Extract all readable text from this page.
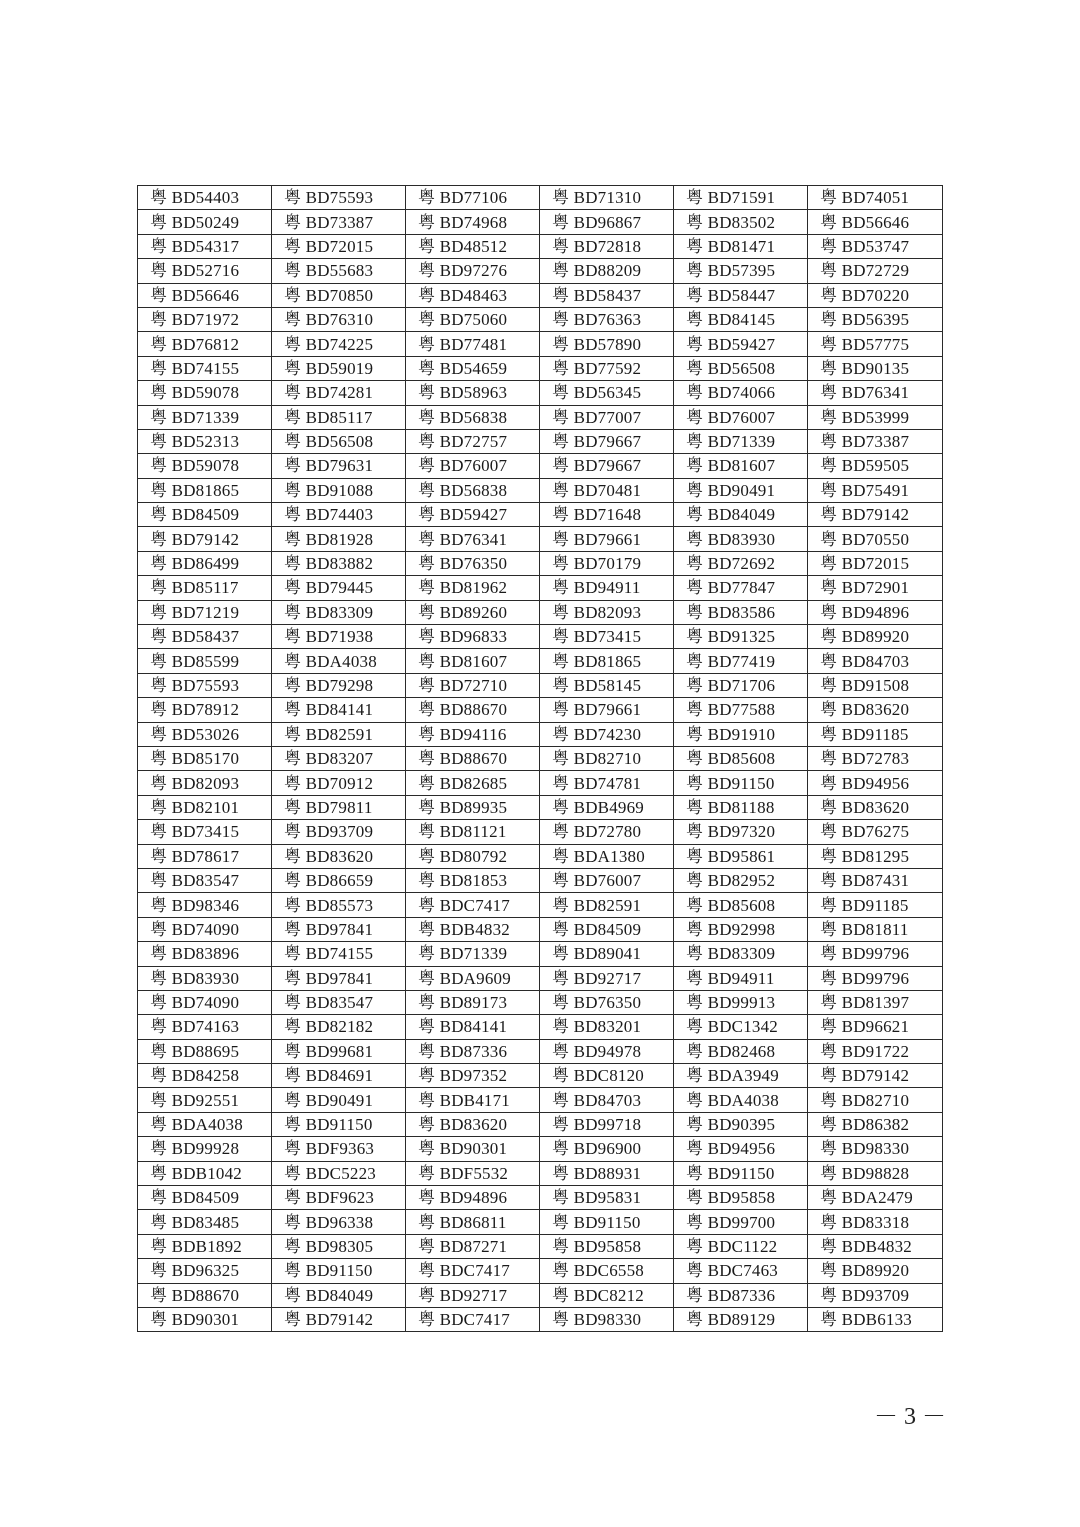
粤 BD54403	粤 BD75593	粤 BD77106	粤 BD71310	粤 BD71591	粤 BD74051
粤 BD50249	粤 BD73387	粤 BD74968	粤 BD96867	粤 BD83502	粤 BD56646
粤 BD54317	粤 BD72015	粤 BD48512	粤 BD72818	粤 BD81471	粤 BD53747
粤 BD52716	粤 BD55683	粤 BD97276	粤 BD88209	粤 BD57395	粤 BD72729
粤 BD56646	粤 BD70850	粤 BD48463	粤 BD58437	粤 BD58447	粤 BD70220
粤 BD71972	粤 BD76310	粤 BD75060	粤 BD76363	粤 BD84145	粤 BD56395
粤 BD76812	粤 BD74225	粤 BD77481	粤 BD57890	粤 BD59427	粤 BD57775
粤 BD74155	粤 BD59019	粤 BD54659	粤 BD77592	粤 BD56508	粤 BD90135
粤 BD59078	粤 BD74281	粤 BD58963	粤 BD56345	粤 BD74066	粤 BD76341
粤 BD71339	粤 BD85117	粤 BD56838	粤 BD77007	粤 BD76007	粤 BD53999
粤 BD52313	粤 BD56508	粤 BD72757	粤 BD79667	粤 BD71339	粤 BD73387
粤 BD59078	粤 BD79631	粤 BD76007	粤 BD79667	粤 BD81607	粤 BD59505
粤 BD81865	粤 BD91088	粤 BD56838	粤 BD70481	粤 BD90491	粤 BD75491
粤 BD84509	粤 BD74403	粤 BD59427	粤 BD71648	粤 BD84049	粤 BD79142
粤 BD79142	粤 BD81928	粤 BD76341	粤 BD79661	粤 BD83930	粤 BD70550
粤 BD86499	粤 BD83882	粤 BD76350	粤 BD70179	粤 BD72692	粤 BD72015
粤 BD85117	粤 BD79445	粤 BD81962	粤 BD94911	粤 BD77847	粤 BD72901
粤 BD71219	粤 BD83309	粤 BD89260	粤 BD82093	粤 BD83586	粤 BD94896
粤 BD58437	粤 BD71938	粤 BD96833	粤 BD73415	粤 BD91325	粤 BD89920
粤 BD85599	粤 BDA4038	粤 BD81607	粤 BD81865	粤 BD77419	粤 BD84703
粤 BD75593	粤 BD79298	粤 BD72710	粤 BD58145	粤 BD71706	粤 BD91508
粤 BD78912	粤 BD84141	粤 BD88670	粤 BD79661	粤 BD77588	粤 BD83620
粤 BD53026	粤 BD82591	粤 BD94116	粤 BD74230	粤 BD91910	粤 BD91185
粤 BD85170	粤 BD83207	粤 BD88670	粤 BD82710	粤 BD85608	粤 BD72783
粤 BD82093	粤 BD70912	粤 BD82685	粤 BD74781	粤 BD91150	粤 BD94956
粤 BD82101	粤 BD79811	粤 BD89935	粤 BDB4969	粤 BD81188	粤 BD83620
粤 BD73415	粤 BD93709	粤 BD81121	粤 BD72780	粤 BD97320	粤 BD76275
粤 BD78617	粤 BD83620	粤 BD80792	粤 BDA1380	粤 BD95861	粤 BD81295
粤 BD83547	粤 BD86659	粤 BD81853	粤 BD76007	粤 BD82952	粤 BD87431
粤 BD98346	粤 BD85573	粤 BDC7417	粤 BD82591	粤 BD85608	粤 BD91185
粤 BD74090	粤 BD97841	粤 BDB4832	粤 BD84509	粤 BD92998	粤 BD81811
粤 BD83896	粤 BD74155	粤 BD71339	粤 BD89041	粤 BD83309	粤 BD99796
粤 BD83930	粤 BD97841	粤 BDA9609	粤 BD92717	粤 BD94911	粤 BD99796
粤 BD74090	粤 BD83547	粤 BD89173	粤 BD76350	粤 BD99913	粤 BD81397
粤 BD74163	粤 BD82182	粤 BD84141	粤 BD83201	粤 BDC1342	粤 BD96621
粤 BD88695	粤 BD99681	粤 BD87336	粤 BD94978	粤 BD82468	粤 BD91722
粤 BD84258	粤 BD84691	粤 BD97352	粤 BDC8120	粤 BDA3949	粤 BD79142
粤 BD92551	粤 BD90491	粤 BDB4171	粤 BD84703	粤 BDA4038	粤 BD82710
粤 BDA4038	粤 BD91150	粤 BD83620	粤 BD99718	粤 BD90395	粤 BD86382
粤 BD99928	粤 BDF9363	粤 BD90301	粤 BD96900	粤 BD94956	粤 BD98330
粤 BDB1042	粤 BDC5223	粤 BDF5532	粤 BD88931	粤 BD91150	粤 BD98828
粤 BD84509	粤 BDF9623	粤 BD94896	粤 BD95831	粤 BD95858	粤 BDA2479
粤 BD83485	粤 BD96338	粤 BD86811	粤 BD91150	粤 BD99700	粤 BD83318
粤 BDB1892	粤 BD98305	粤 BD87271	粤 BD95858	粤 BDC1122	粤 BDB4832
粤 BD96325	粤 BD91150	粤 BDC7417	粤 BDC6558	粤 BDC7463	粤 BD89920
粤 BD88670	粤 BD84049	粤 BD92717	粤 BDC8212	粤 BD87336	粤 BD93709
粤 BD90301	粤 BD79142	粤 BDC7417	粤 BD98330	粤 BD89129	粤 BDB6133
－ 3 －
